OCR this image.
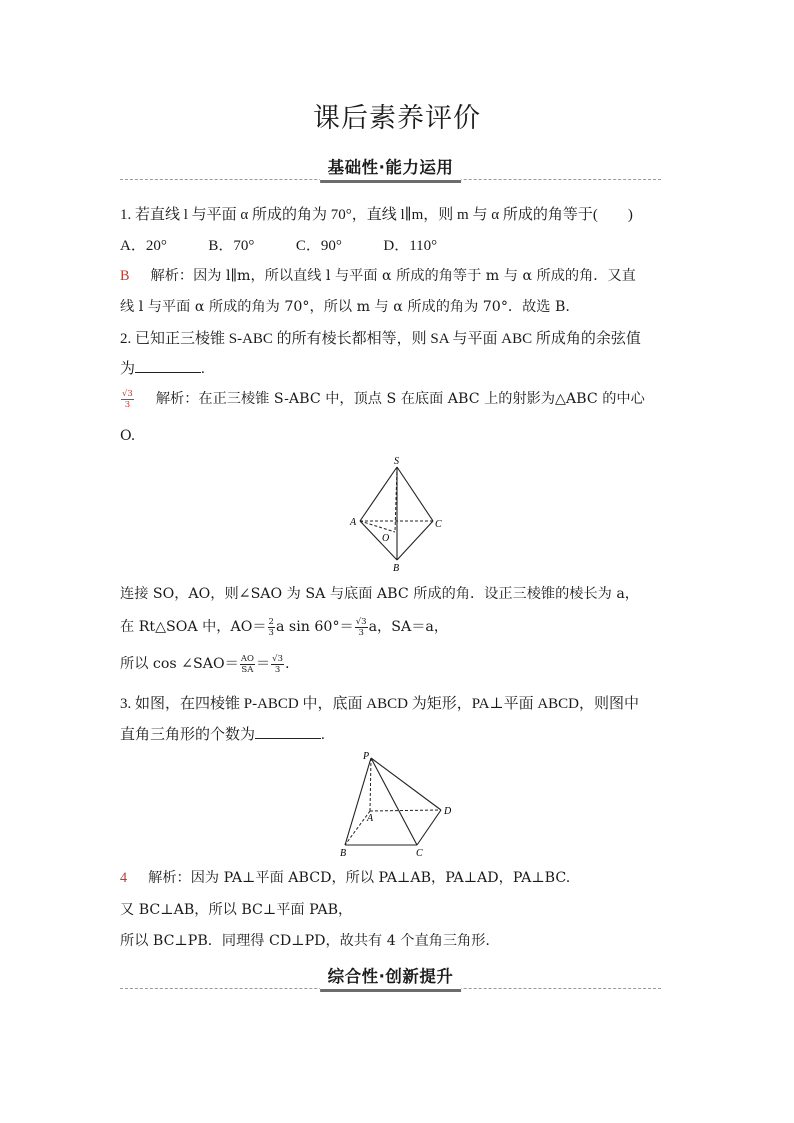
课后素养评价
基础性·能力运用
1. 若直线 l 与平面 α 所成的角为 70°，直线 l∥m，则 m 与 α 所成的角等于(　　)
A．20°	B．70°	C．90°	D．110°
B 解析：因为 l∥m，所以直线 l 与平面 α 所成的角等于 m 与 α 所成的角．又直
线 l 与平面 α 所成的角为 70°，所以 m 与 α 所成的角为 70°．故选 B.
2. 已知正三棱锥 S-ABC 的所有棱长都相等，则 SA 与平面 ABC 所成角的余弦值
为	.
$\frac{√3}{3}$ 解析：在正三棱锥 S-ABC 中，顶点 S 在底面 ABC 上的射影为△ABC 的中心
O.
S
A	C
B
O
连接 SO，AO，则∠SAO 为 SA 与底面 ABC 所成的角．设正三棱锥的棱长为 a，
在 Rt△SOA 中，$AO= \frac{2}{3}$ a $\sin 60^\circ= \frac{√3}{3}$ a，SA＝a，
所以 cos ∠SAO＝ $\frac{AO}{SA} = \frac{√3}{3}$ .
3. 如图，在四棱锥 P-ABCD 中，底面 ABCD 为矩形，PA⊥平面 ABCD，则图中
直角三角形的个数为	.
P
A
D
B	C
4 解析：因为 PA⊥平面 ABCD，所以 PA⊥AB，PA⊥AD，PA⊥BC.
又 BC⊥AB，所以 BC⊥平面 PAB，
所以 BC⊥PB．同理得 CD⊥PD，故共有 4 个直角三角形.
综合性·创新提升
